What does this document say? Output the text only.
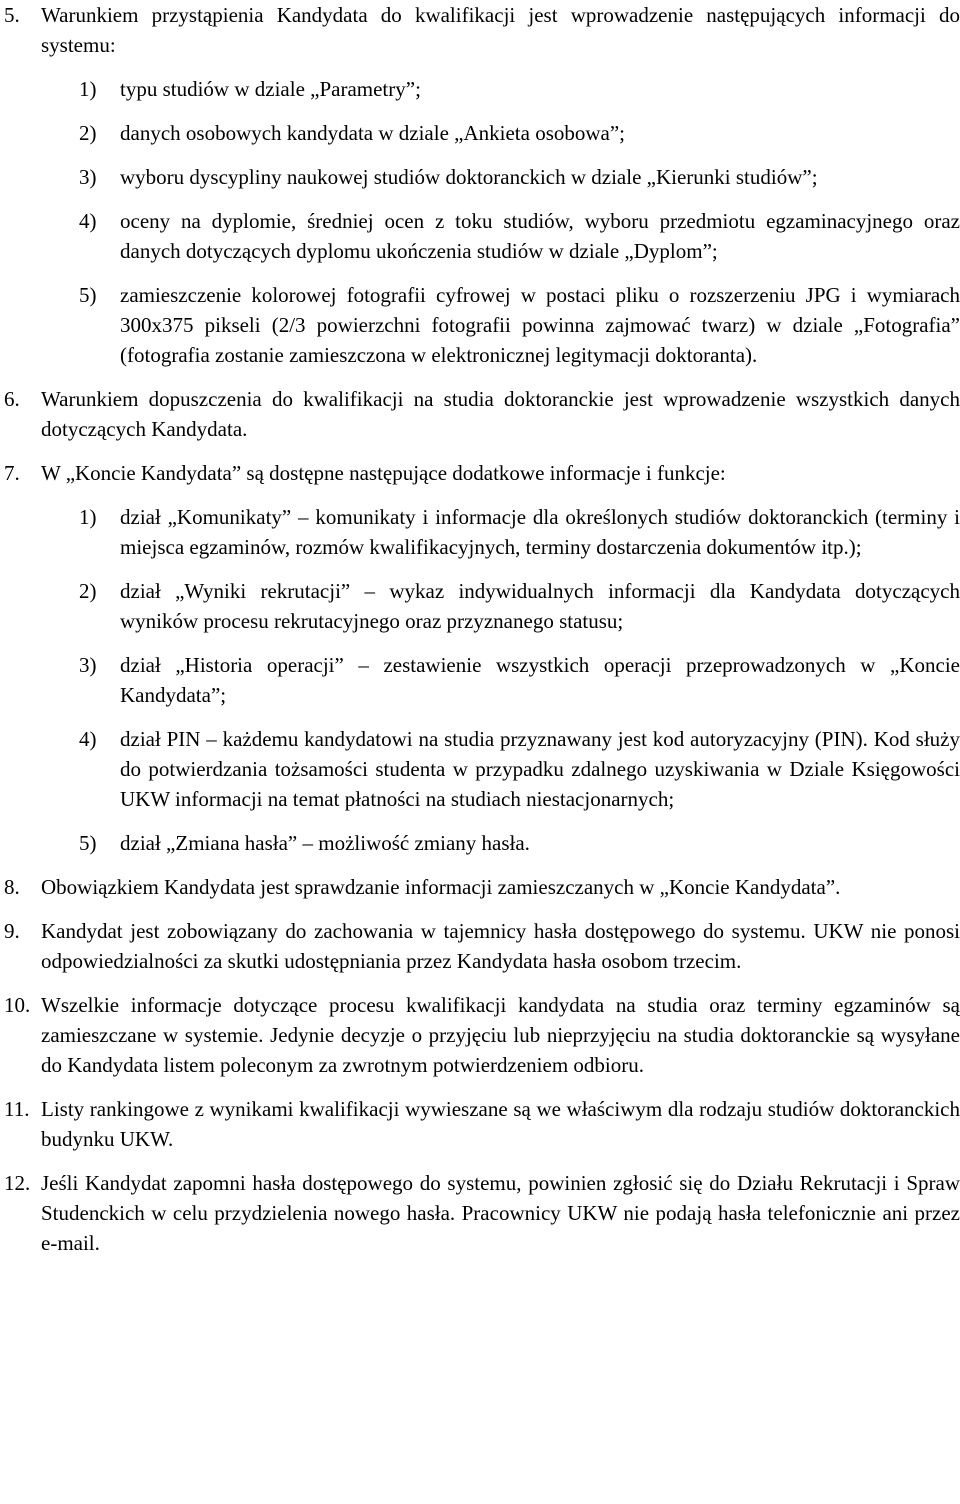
5. Warunkiem przystąpienia Kandydata do kwalifikacji jest wprowadzenie następujących informacji do systemu:
1) typu studiów w dziale „Parametry”;
2) danych osobowych kandydata w dziale „Ankieta osobowa”;
3) wyboru dyscypliny naukowej studiów doktoranckich w dziale „Kierunki studiów”;
4) oceny na dyplomie, średniej ocen z toku studiów, wyboru przedmiotu egzaminacyjnego oraz danych dotyczących dyplomu ukończenia studiów w dziale „Dyplom”;
5) zamieszczenie kolorowej fotografii cyfrowej w postaci pliku o rozszerzeniu JPG i wymiarach 300x375 pikseli (2/3 powierzchni fotografii powinna zajmować twarz) w dziale „Fotografia” (fotografia zostanie zamieszczona w elektronicznej legitymacji doktoranta).
6. Warunkiem dopuszczenia do kwalifikacji na studia doktoranckie jest wprowadzenie wszystkich danych dotyczących Kandydata.
7. W „Koncie Kandydata” są dostępne następujące dodatkowe informacje i funkcje:
1) dział „Komunikaty” – komunikaty i informacje dla określonych studiów doktoranckich (terminy i miejsca egzaminów, rozmów kwalifikacyjnych, terminy dostarczenia dokumentów itp.);
2) dział „Wyniki rekrutacji” – wykaz indywidualnych informacji dla Kandydata dotyczących wyników procesu rekrutacyjnego oraz przyznanego statusu;
3) dział „Historia operacji” – zestawienie wszystkich operacji przeprowadzonych w „Koncie Kandydata”;
4) dział PIN – każdemu kandydatowi na studia przyznawany jest kod autoryzacyjny (PIN). Kod służy do potwierdzania tożsamości studenta w przypadku zdalnego uzyskiwania w Dziale Księgowości UKW informacji na temat płatności na studiach niestacjonarnych;
5) dział „Zmiana hasła” – możliwość zmiany hasła.
8. Obowiązkiem Kandydata jest sprawdzanie informacji zamieszczanych w „Koncie Kandydata”.
9. Kandydat jest zobowiązany do zachowania w tajemnicy hasła dostępowego do systemu. UKW nie ponosi odpowiedzialności za skutki udostępniania przez Kandydata hasła osobom trzecim.
10. Wszelkie informacje dotyczące procesu kwalifikacji kandydata na studia oraz terminy egzaminów są zamieszczane w systemie. Jedynie decyzje o przyjęciu lub nieprzyjęciu na studia doktoranckie są wysyłane do Kandydata listem poleconym za zwrotnym potwierdzeniem odbioru.
11. Listy rankingowe z wynikami kwalifikacji wywieszane są we właściwym dla rodzaju studiów doktoranckich budynku UKW.
12. Jeśli Kandydat zapomni hasła dostępowego do systemu, powinien zgłosić się do Działu Rekrutacji i Spraw Studenckich w celu przydzielenia nowego hasła. Pracownicy UKW nie podają hasła telefonicznie ani przez e-mail.
